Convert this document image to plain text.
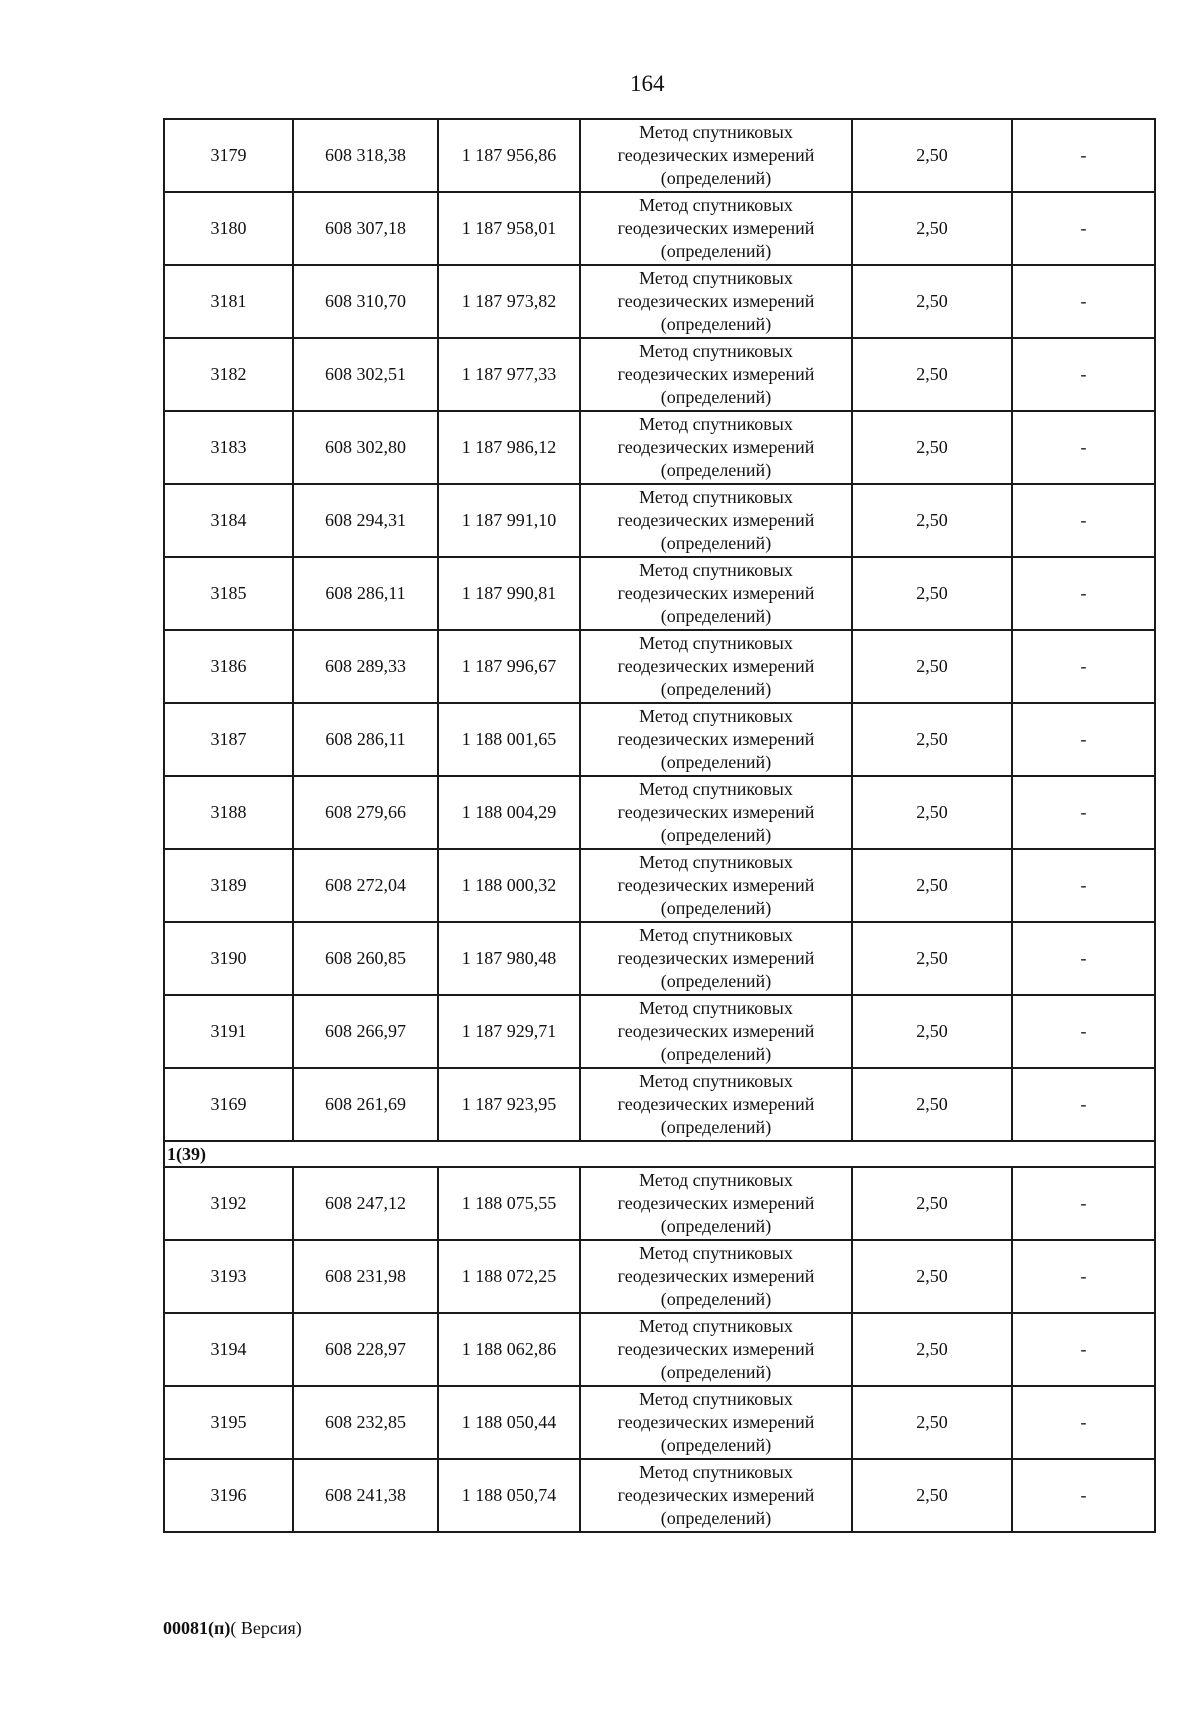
164
3179	608 318,38	1 187 956,86	Метод спутниковых
геодезических измерений
(определений)	2,50	-
3180	608 307,18	1 187 958,01	Метод спутниковых
геодезических измерений
(определений)	2,50	-
3181	608 310,70	1 187 973,82	Метод спутниковых
геодезических измерений
(определений)	2,50	-
3182	608 302,51	1 187 977,33	Метод спутниковых
геодезических измерений
(определений)	2,50	-
3183	608 302,80	1 187 986,12	Метод спутниковых
геодезических измерений
(определений)	2,50	-
3184	608 294,31	1 187 991,10	Метод спутниковых
геодезических измерений
(определений)	2,50	-
3185	608 286,11	1 187 990,81	Метод спутниковых
геодезических измерений
(определений)	2,50	-
3186	608 289,33	1 187 996,67	Метод спутниковых
геодезических измерений
(определений)	2,50	-
3187	608 286,11	1 188 001,65	Метод спутниковых
геодезических измерений
(определений)	2,50	-
3188	608 279,66	1 188 004,29	Метод спутниковых
геодезических измерений
(определений)	2,50	-
3189	608 272,04	1 188 000,32	Метод спутниковых
геодезических измерений
(определений)	2,50	-
3190	608 260,85	1 187 980,48	Метод спутниковых
геодезических измерений
(определений)	2,50	-
3191	608 266,97	1 187 929,71	Метод спутниковых
геодезических измерений
(определений)	2,50	-
3169	608 261,69	1 187 923,95	Метод спутниковых
геодезических измерений
(определений)	2,50	-
1(39)					
3192	608 247,12	1 188 075,55	Метод спутниковых
геодезических измерений
(определений)	2,50	-
3193	608 231,98	1 188 072,25	Метод спутниковых
геодезических измерений
(определений)	2,50	-
3194	608 228,97	1 188 062,86	Метод спутниковых
геодезических измерений
(определений)	2,50	-
3195	608 232,85	1 188 050,44	Метод спутниковых
геодезических измерений
(определений)	2,50	-
3196	608 241,38	1 188 050,74	Метод спутниковых
геодезических измерений
(определений)	2,50	-
00081(п)( Версия)
